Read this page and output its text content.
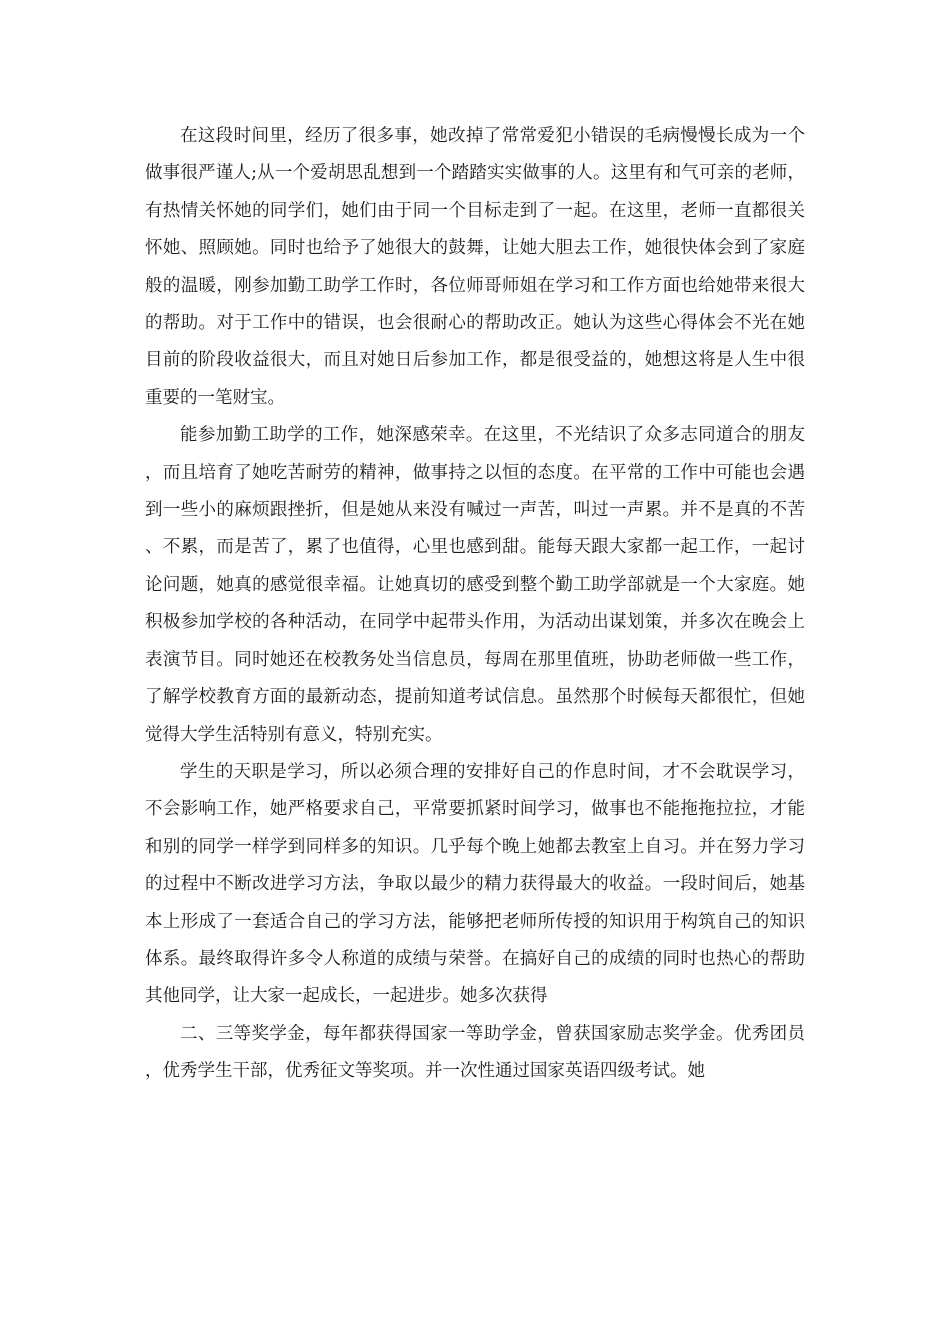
在这段时间里，经历了很多事，她改掉了常常爱犯小错误的毛病慢慢长成为一个做事很严谨人;从一个爱胡思乱想到一个踏踏实实做事的人。这里有和气可亲的老师，有热情关怀她的同学们，她们由于同一个目标走到了一起。在这里，老师一直都很关怀她、照顾她。同时也给予了她很大的鼓舞，让她大胆去工作，她很快体会到了家庭般的温暖，刚参加勤工助学工作时，各位师哥师姐在学习和工作方面也给她带来很大的帮助。对于工作中的错误，也会很耐心的帮助改正。她认为这些心得体会不光在她目前的阶段收益很大，而且对她日后参加工作，都是很受益的，她想这将是人生中很重要的一笔财宝。

能参加勤工助学的工作，她深感荣幸。在这里，不光结识了众多志同道合的朋友，而且培育了她吃苦耐劳的精神，做事持之以恒的态度。在平常的工作中可能也会遇到一些小的麻烦跟挫折，但是她从来没有喊过一声苦，叫过一声累。并不是真的不苦、不累，而是苦了，累了也值得，心里也感到甜。能每天跟大家都一起工作，一起讨论问题，她真的感觉很幸福。让她真切的感受到整个勤工助学部就是一个大家庭。她积极参加学校的各种活动，在同学中起带头作用，为活动出谋划策，并多次在晚会上表演节目。同时她还在校教务处当信息员，每周在那里值班，协助老师做一些工作，了解学校教育方面的最新动态，提前知道考试信息。虽然那个时候每天都很忙，但她觉得大学生活特别有意义，特别充实。

学生的天职是学习，所以必须合理的安排好自己的作息时间，才不会耽误学习，不会影响工作，她严格要求自己，平常要抓紧时间学习，做事也不能拖拖拉拉，才能和别的同学一样学到同样多的知识。几乎每个晚上她都去教室上自习。并在努力学习的过程中不断改进学习方法，争取以最少的精力获得最大的收益。一段时间后，她基本上形成了一套适合自己的学习方法，能够把老师所传授的知识用于构筑自己的知识体系。最终取得许多令人称道的成绩与荣誉。在搞好自己的成绩的同时也热心的帮助其他同学，让大家一起成长，一起进步。她多次获得

二、三等奖学金，每年都获得国家一等助学金，曾获国家励志奖学金。优秀团员，优秀学生干部，优秀征文等奖项。并一次性通过国家英语四级考试。她
